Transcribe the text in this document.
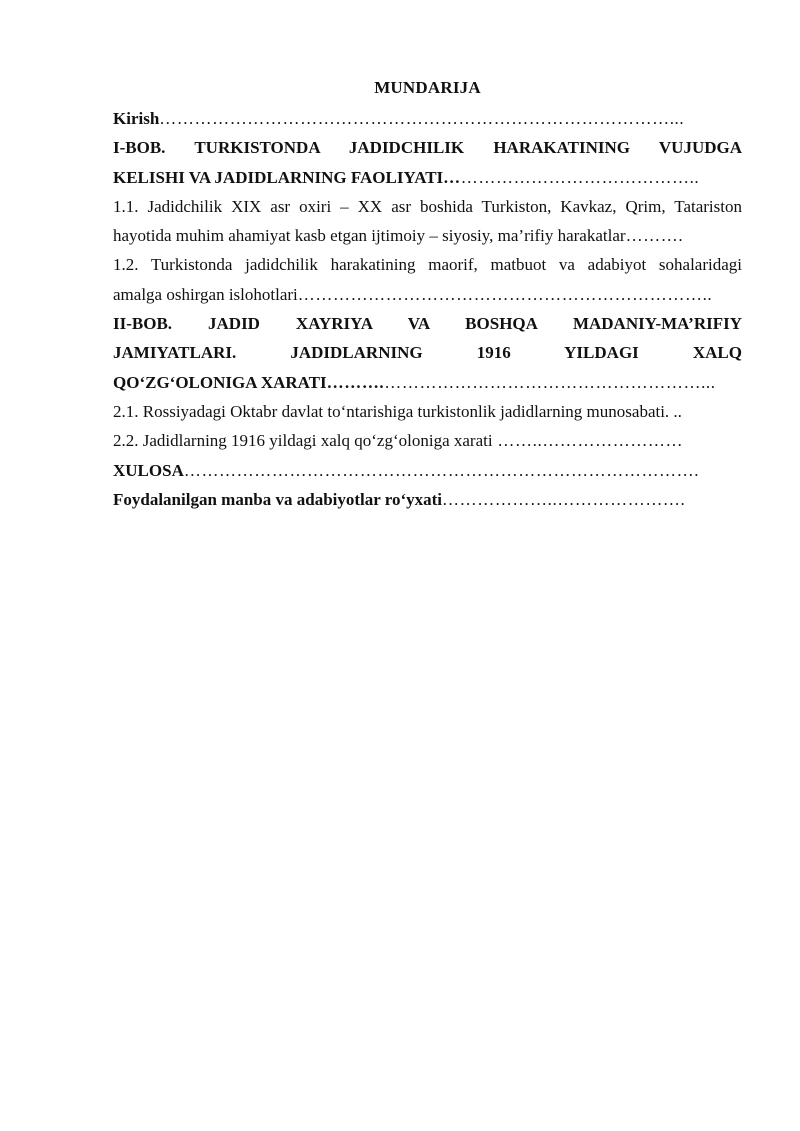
MUNDARIJA
Kirish……………………………………………………………………………...
I-BOB. TURKISTONDA JADIDCHILIK HARAKATINING VUJUDGA
KELISHI VA JADIDLARNING FAOLIYATI……………………………………..
1.1. Jadidchilik XIX asr oxiri – XX asr boshida Turkiston, Kavkaz, Qrim, Tatariston
hayotida muhim ahamiyat kasb etgan ijtimoiy – siyosiy, ma’rifiy harakatlar……….
1.2. Turkistonda jadidchilik harakatining maorif, matbuot va adabiyot sohalaridagi
amalga oshirgan islohotlari……………………………………………………………..
II-BOB. JADID XAYRIYA VA BOSHQA MADANIY-MA’RIFIY
JAMIYATLARI. JADIDLARNING 1916 YILDAGI XALQ
QO‘ZG‘OLONIGA XARATI……….………………………………………………...
2.1. Rossiyadagi Oktabr davlat to‘ntarishiga turkistonlik jadidlarning munosabati. ..
2.2. Jadidlarning 1916 yildagi xalq qo‘zg‘oloniga xarati ……..……………………
XULOSA…………………………………………………………………………….
Foydalanilgan manba va adabiyotlar ro‘yxati………………..………………….
